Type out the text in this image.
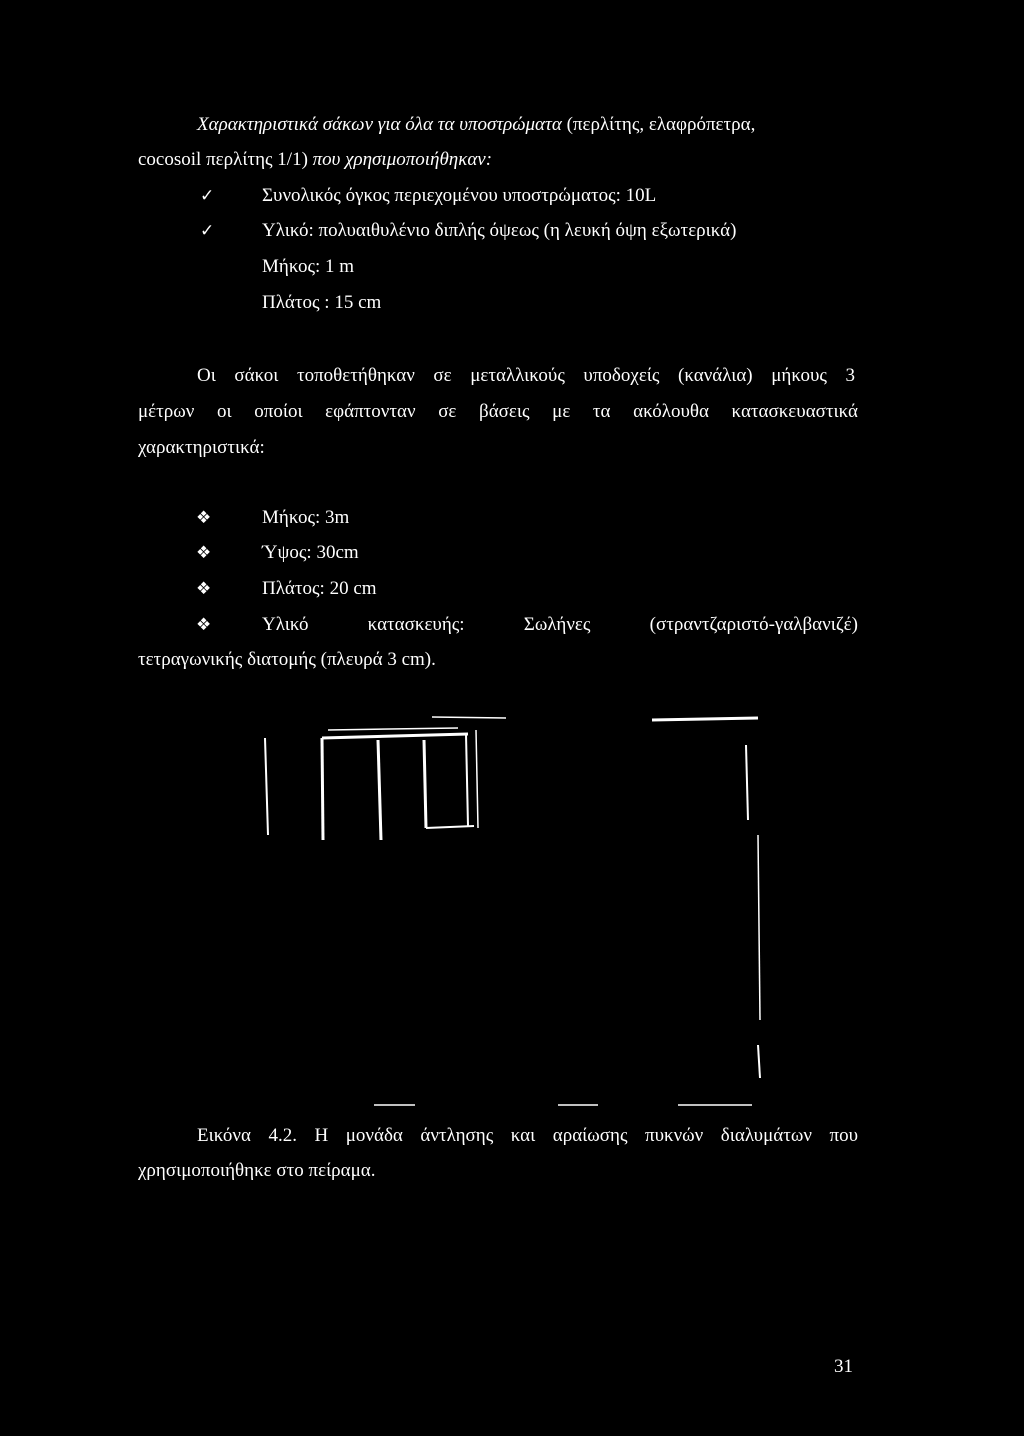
Χαρακτηριστικά σάκων για όλα τα υποστρώματα (περλίτης, ελαφρόπετρα,
cocosoil περλίτης 1/1) που χρησιμοποιήθηκαν:
✓	Συνολικός όγκος περιεχομένου υποστρώματος: 10L
✓	Υλικό: πολυαιθυλένιο διπλής όψεως (η λευκή όψη εξωτερικά)
Μήκος: 1 m
Πλάτος : 15 cm
Οι σάκοι τοποθετήθηκαν σε μεταλλικούς υποδοχείς (κανάλια) μήκους 3
μέτρων οι οποίοι εφάπτονταν σε βάσεις με τα ακόλουθα κατασκευαστικά
χαρακτηριστικά:
❖	Μήκος: 3m
❖	Ύψος: 30cm
❖	Πλάτος: 20 cm
❖	Υλικό κατασκευής: Σωλήνες (στραντζαριστό-γαλβανιζέ)
τετραγωνικής διατομής (πλευρά 3 cm).
Εικόνα 4.2. Η μονάδα άντλησης και αραίωσης πυκνών διαλυμάτων που
χρησιμοποιήθηκε στο πείραμα.
31
